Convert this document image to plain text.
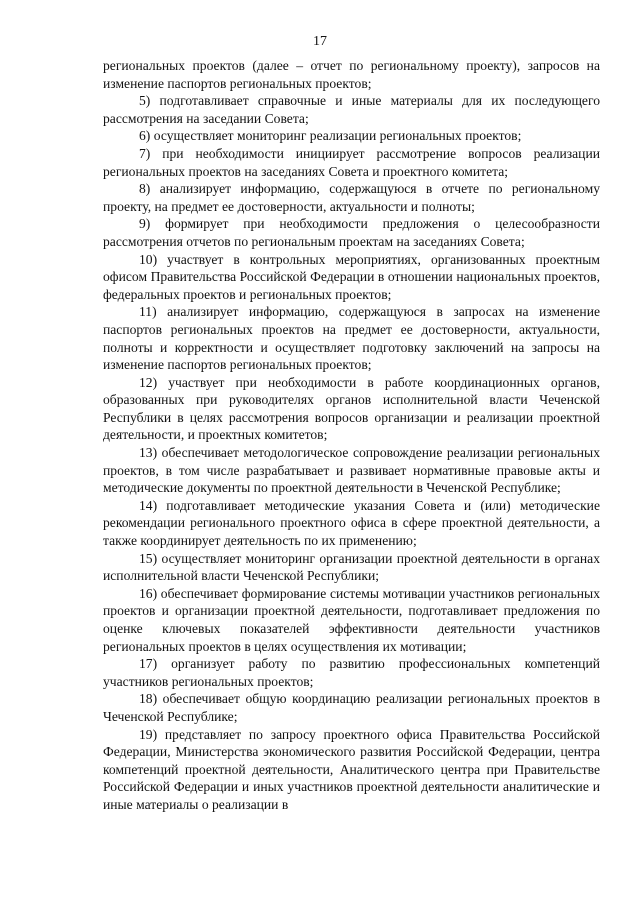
17

региональных проектов (далее – отчет по региональному проекту), запросов на изменение паспортов региональных проектов;

5) подготавливает справочные и иные материалы для их последующего рассмотрения на заседании Совета;

6) осуществляет мониторинг реализации региональных проектов;

7) при необходимости инициирует рассмотрение вопросов реализации региональных проектов на заседаниях Совета и проектного комитета;

8) анализирует информацию, содержащуюся в отчете по региональному проекту, на предмет ее достоверности, актуальности и полноты;

9) формирует при необходимости предложения о целесообразности рассмотрения отчетов по региональным проектам на заседаниях Совета;

10) участвует в контрольных мероприятиях, организованных проектным офисом Правительства Российской Федерации в отношении национальных проектов, федеральных проектов и региональных проектов;

11) анализирует информацию, содержащуюся в запросах на изменение паспортов региональных проектов на предмет ее достоверности, актуальности, полноты и корректности и осуществляет подготовку заключений на запросы на изменение паспортов региональных проектов;

12) участвует при необходимости в работе координационных органов, образованных при руководителях органов исполнительной власти Чеченской Республики в целях рассмотрения вопросов организации и реализации проектной деятельности, и проектных комитетов;

13) обеспечивает методологическое сопровождение реализации региональных проектов, в том числе разрабатывает и развивает нормативные правовые акты и методические документы по проектной деятельности в Чеченской Республике;

14) подготавливает методические указания Совета и (или) методические рекомендации регионального проектного офиса в сфере проектной деятельности, а также координирует деятельность по их применению;

15) осуществляет мониторинг организации проектной деятельности в органах исполнительной власти Чеченской Республики;

16) обеспечивает формирование системы мотивации участников региональных проектов и организации проектной деятельности, подготавливает предложения по оценке ключевых показателей эффективности деятельности участников региональных проектов в целях осуществления их мотивации;

17) организует работу по развитию профессиональных компетенций участников региональных проектов;

18) обеспечивает общую координацию реализации региональных проектов в Чеченской Республике;

19) представляет по запросу проектного офиса Правительства Российской Федерации, Министерства экономического развития Российской Федерации, центра компетенций проектной деятельности, Аналитического центра при Правительстве Российской Федерации и иных участников проектной деятельности аналитические и иные материалы о реализации в
